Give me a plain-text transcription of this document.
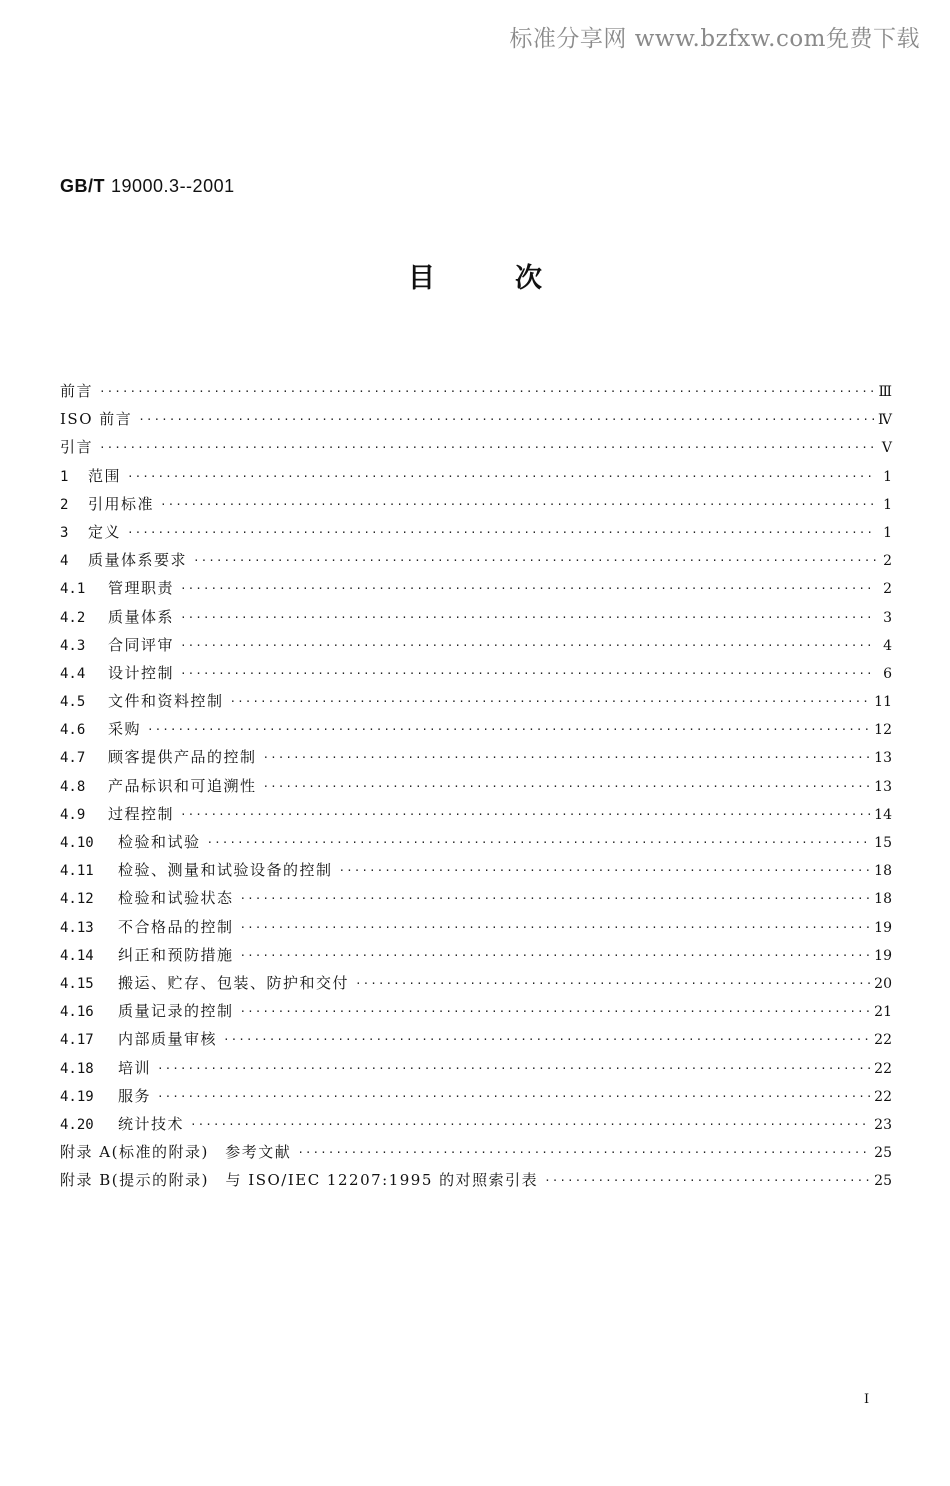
标准分享网 www.bzfxw.com免费下载
GB/T 19000.3--2001
目次
前言 ·····	Ⅲ
ISO 前言 ·····	Ⅳ
引言 ·····	Ⅴ
1	范围 ·····	1
2	引用标准 ·····	1
3	定义 ·····	1
4	质量体系要求 ·····	2
4.1	管理职责 ·····	2
4.2	质量体系 ·····	3
4.3	合同评审 ·····	4
4.4	设计控制 ·····	6
4.5	文件和资料控制 ·····	11
4.6	采购 ·····	12
4.7	顾客提供产品的控制 ·····	13
4.8	产品标识和可追溯性 ·····	13
4.9	过程控制 ·····	14
4.10	检验和试验 ·····	15
4.11	检验、测量和试验设备的控制 ·····	18
4.12	检验和试验状态 ·····	18
4.13	不合格品的控制 ·····	19
4.14	纠正和预防措施 ·····	19
4.15	搬运、贮存、包装、防护和交付 ·····	20
4.16	质量记录的控制 ·····	21
4.17	内部质量审核 ·····	22
4.18	培训 ·····	22
4.19	服务 ·····	22
4.20	统计技术 ·····	23
附录 A(标准的附录)　参考文献 ·····	25
附录 B(提示的附录)　与 ISO/IEC 12207:1995 的对照索引表 ·····	25
I
